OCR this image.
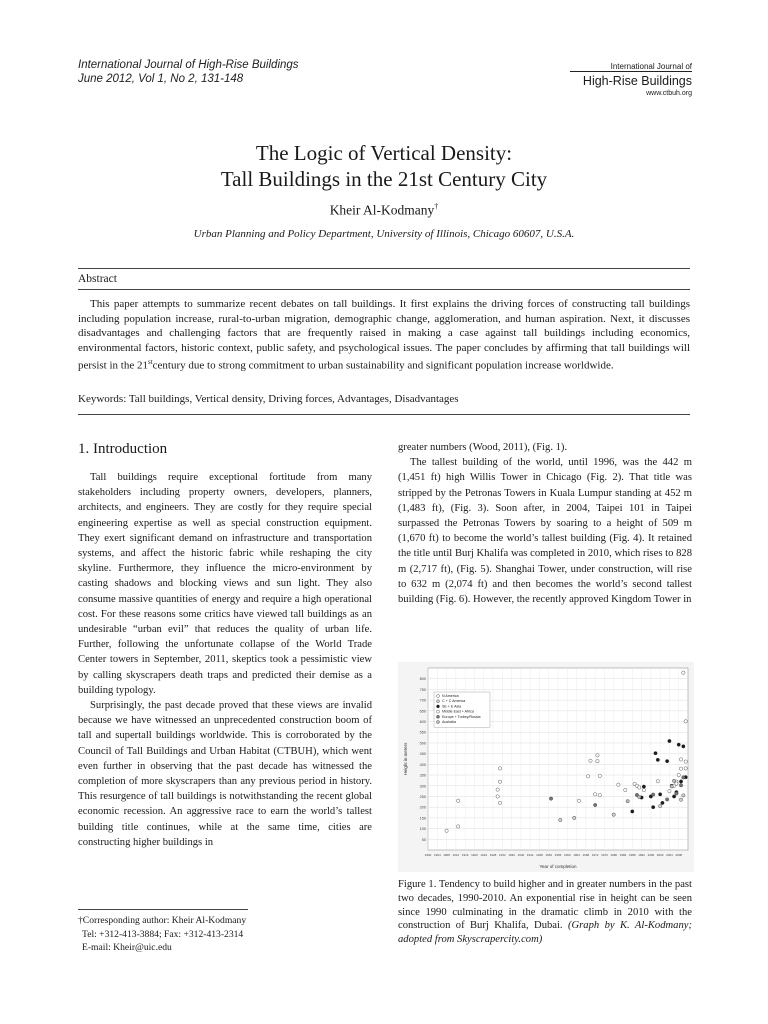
International Journal of High-Rise Buildings
June 2012, Vol 1, No 2, 131-148
International Journal of
High-Rise Buildings
www.ctbuh.org
The Logic of Vertical Density:
Tall Buildings in the 21st Century City
Kheir Al-Kodmany†
Urban Planning and Policy Department, University of Illinois, Chicago 60607, U.S.A.
Abstract
This paper attempts to summarize recent debates on tall buildings. It first explains the driving forces of constructing tall buildings including population increase, rural-to-urban migration, demographic change, agglomeration, and human aspiration. Next, it discusses disadvantages and challenging factors that are frequently raised in making a case against tall buildings including economics, environmental factors, historic context, public safety, and psychological issues. The paper concludes by affirming that tall buildings will persist in the 21stcentury due to strong commitment to urban sustainability and significant population increase worldwide.
Keywords: Tall buildings, Vertical density, Driving forces, Advantages, Disadvantages
1. Introduction

Tall buildings require exceptional fortitude from many stakeholders including property owners, developers, planners, architects, and engineers. They are costly for they require special engineering expertise as well as special construction equipment. They exert significant demand on infrastructure and transportation systems, and affect the historic fabric while reshaping the city skyline. Furthermore, they influence the micro-environment by casting shadows and blocking views and sun light. They also consume massive quantities of energy and require a high operational cost. For these reasons some critics have viewed tall buildings as an undesirable “urban evil” that reduces the quality of urban life. Further, following the unfortunate collapse of the World Trade Center towers in September, 2011, skeptics took a pessimistic view by calling skyscrapers death traps and predicted their demise as a building typology.

Surprisingly, the past decade proved that these views are invalid because we have witnessed an unprecedented construction boom of tall and supertall buildings worldwide. This is corroborated by the Council of Tall Buildings and Urban Habitat (CTBUH), which went even further in observing that the past decade has witnessed the completion of more skyscrapers than any previous period in history. This resurgence of tall buildings is notwithstanding the recent global economic recession. An aggressive race to earn the world’s tallest building title continues, while at the same time, cities are constructing higher buildings in

greater numbers (Wood, 2011), (Fig. 1).

The tallest building of the world, until 1996, was the 442 m (1,451 ft) high Willis Tower in Chicago (Fig. 2). That title was stripped by the Petronas Towers in Kuala Lumpur standing at 452 m (1,483 ft), (Fig. 3). Soon after, in 2004, Taipei 101 in Taipei surpassed the Petronas Towers by soaring to a height of 509 m (1,670 ft) to become the world’s tallest building (Fig. 4). It retained the title until Burj Khalifa was completed in 2010, which rises to 828 m (2,717 ft), (Fig. 5). Shanghai Tower, under construction, will rise to 632 m (2,074 ft) and then becomes the world’s second tallest building (Fig. 6). However, the recently approved Kingdom Tower in

†Corresponding author: Kheir Al-Kodmany
Tel: +312-413-3884; Fax: +312-413-2314
E-mail: Kheir@uic.edu
50
100
150
200
250
300
350
400
450
500
550
600
650
700
750
800
1900 1904 1908 1912 1916 1920 1924 1928 1932 1936 1940 1944 1948 1952 1956 1960 1964 1968 1972 1976 1980 1984 1988 1992 1996 2000 2004 2008
N America
C + C America
SE + E Asia
Middle East + Africa
Europe + Turkey/Russia
Australia
Year of completion
Height in meters
Figure 1. Tendency to build higher and in greater numbers in the past two decades, 1990-2010. An exponential rise in height can be seen since 1990 culminating in the dramatic climb in 2010 with the construction of Burj Khalifa, Dubai. (Graph by K. Al-Kodmany; adopted from Skyscrapercity.com)
